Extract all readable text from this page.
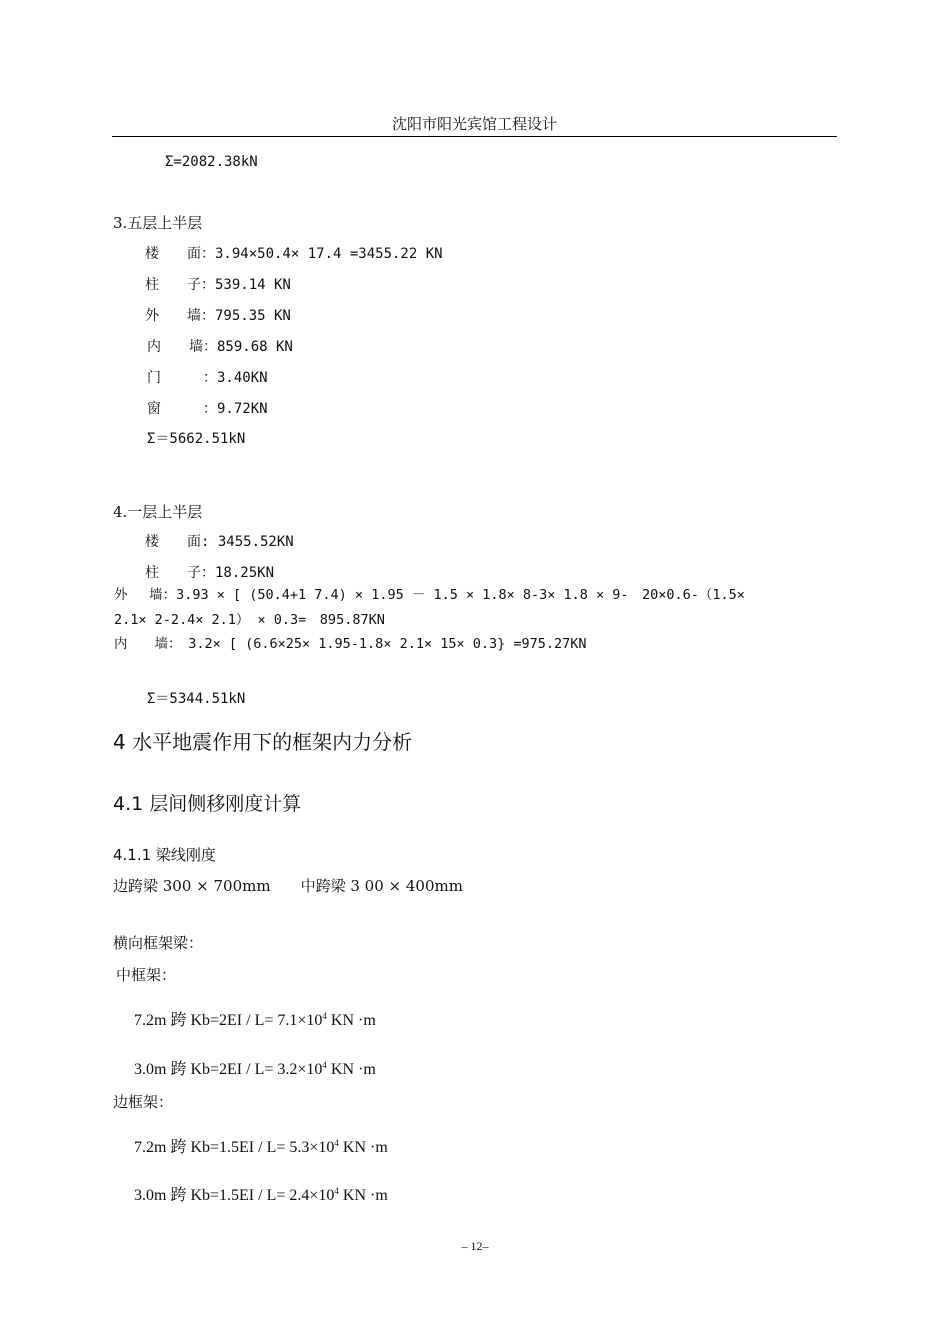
沈阳市阳光宾馆工程设计
Σ=2082.38kN
3.五层上半层
楼　　面：3.94×50.4× 17.4 =3455.22 KN
柱　　子：539.14 KN
外　　墙：795.35 KN
内　　墙：859.68 KN
门　　　：3.40KN
窗　　　：9.72KN
Σ＝5662.51kN
4.一层上半层
楼　　面: 3455.52KN
柱　　子：18.25KN
外　 墙：3.93 × [ (50.4+1 7.4) × 1.95 － 1.5 × 1.8× 8-3× 1.8 × 9-　20×0.6-（1.5×
2.1× 2-2.4× 2.1） × 0.3=　895.87KN
内　　墙：　3.2× [ (6.6×25× 1.95-1.8× 2.1× 15× 0.3} =975.27KN
Σ＝5344.51kN
4 水平地震作用下的框架内力分析
4.1 层间侧移刚度计算
4.1.1 梁线刚度
边跨梁 300 × 700mm　　中跨梁 3 00 × 400mm
横向框架梁：
中框架：
7.2m 跨 $Kb=2EI / L= 7.1\times 10^4$ KN ·m
3.0m 跨 $Kb=2EI / L= 3.2\times 10^4$ KN ·m
边框架：
7.2m 跨 $Kb=1.5EI / L= 5.3\times 10^4$ KN ·m
3.0m 跨 $Kb=1.5EI / L= 2.4\times 10^4$ KN ·m
– 12–
